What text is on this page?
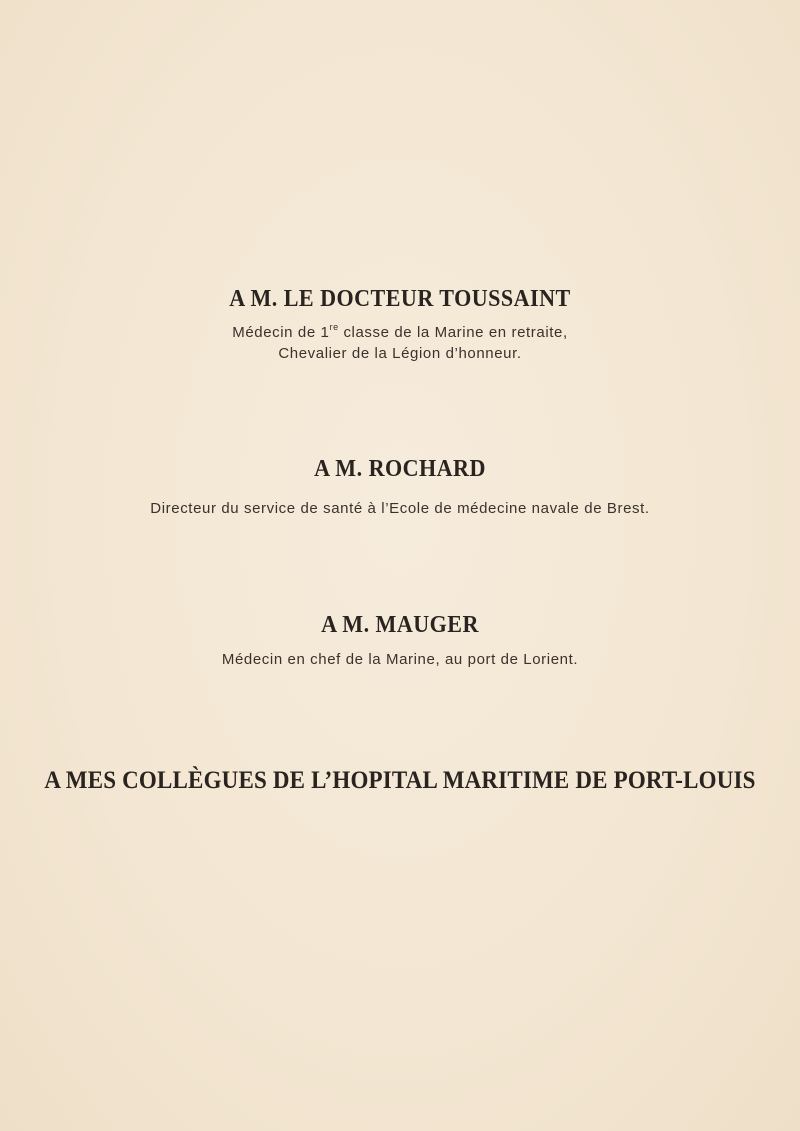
A M. LE DOCTEUR TOUSSAINT
Médecin de 1re classe de la Marine en retraite,
Chevalier de la Légion d’honneur.
A M. ROCHARD
Directeur du service de santé à l’Ecole de médecine navale de Brest.
A M. MAUGER
Médecin en chef de la Marine, au port de Lorient.
A MES COLLÈGUES DE L’HOPITAL MARITIME DE PORT-LOUIS
